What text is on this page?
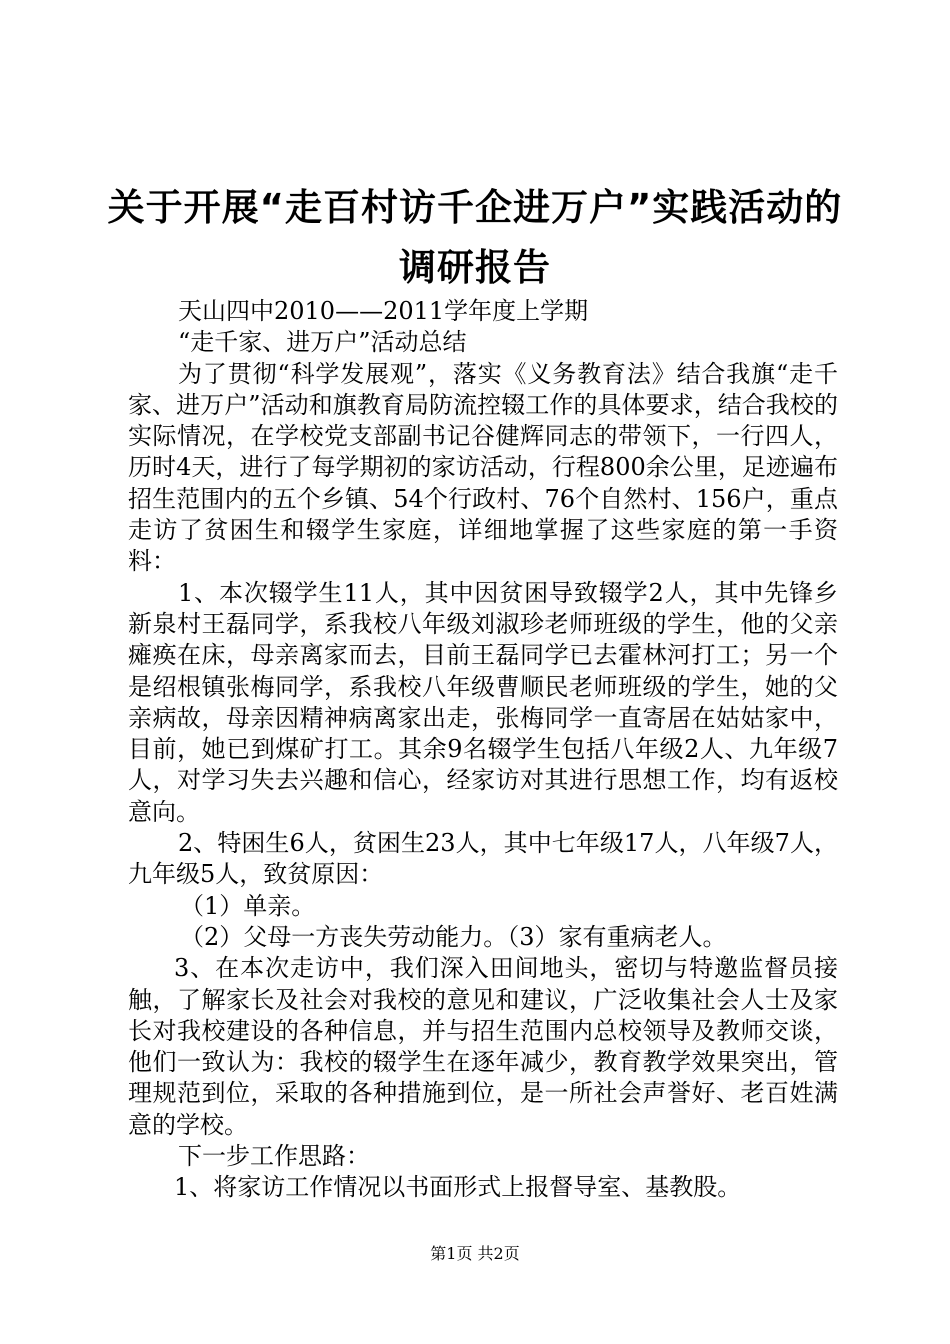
关于开展“走百村访千企进万户”实践活动的
调研报告

天山四中2010——2011学年度上学期

“走千家、进万户”活动总结

为了贯彻“科学发展观”，落实《义务教育法》结合我旗“走千家、进万户”活动和旗教育局防流控辍工作的具体要求，结合我校的实际情况，在学校党支部副书记谷健辉同志的带领下，一行四人，历时4天，进行了每学期初的家访活动，行程800余公里，足迹遍布招生范围内的五个乡镇、54个行政村、76个自然村、156户，重点走访了贫困生和辍学生家庭，详细地掌握了这些家庭的第一手资料：

1、本次辍学生11人，其中因贫困导致辍学2人，其中先锋乡新泉村王磊同学，系我校八年级刘淑珍老师班级的学生，他的父亲瘫痪在床，母亲离家而去，目前王磊同学已去霍林河打工；另一个是绍根镇张梅同学，系我校八年级曹顺民老师班级的学生，她的父亲病故，母亲因精神病离家出走，张梅同学一直寄居在姑姑家中，目前，她已到煤矿打工。其余9名辍学生包括八年级2人、九年级7人，对学习失去兴趣和信心，经家访对其进行思想工作，均有返校意向。

2、特困生6人，贫困生23人，其中七年级17人，八年级7人，九年级5人，致贫原因：

（1）单亲。

（2）父母一方丧失劳动能力。（3）家有重病老人。

3、在本次走访中，我们深入田间地头，密切与特邀监督员接触，了解家长及社会对我校的意见和建议，广泛收集社会人士及家长对我校建设的各种信息，并与招生范围内总校领导及教师交谈，他们一致认为：我校的辍学生在逐年减少，教育教学效果突出，管理规范到位，采取的各种措施到位，是一所社会声誉好、老百姓满意的学校。

下一步工作思路：

1、将家访工作情况以书面形式上报督导室、基教股。

第1页 共2页
